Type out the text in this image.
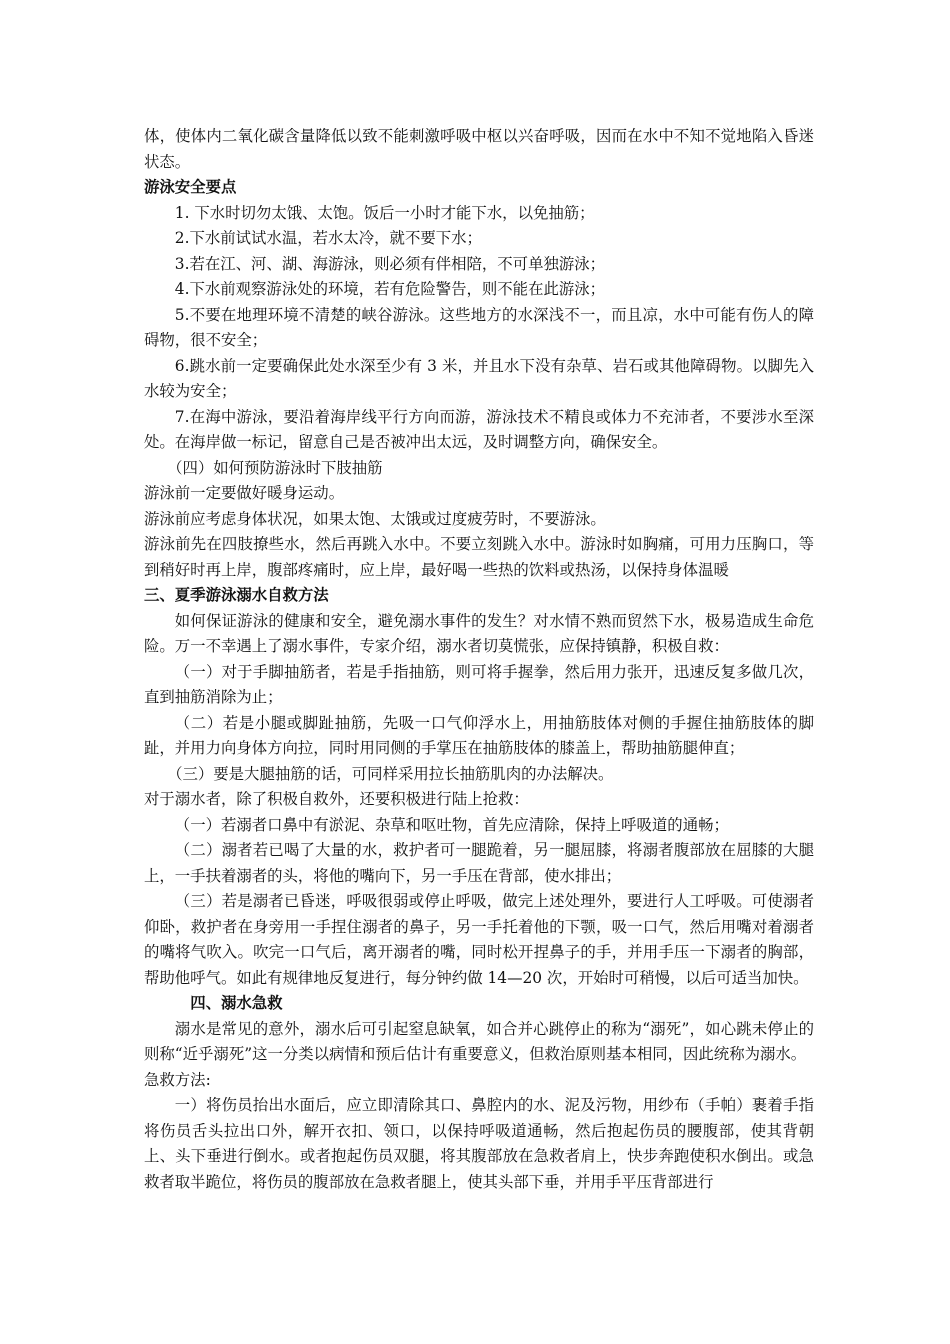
体，使体内二氧化碳含量降低以致不能刺激呼吸中枢以兴奋呼吸，因而在水中不知不觉地陷入昏迷状态。

游泳安全要点

1. 下水时切勿太饿、太饱。饭后一小时才能下水，以免抽筋；

2.下水前试试水温，若水太冷，就不要下水；

3.若在江、河、湖、海游泳，则必须有伴相陪，不可单独游泳；

4.下水前观察游泳处的环境，若有危险警告，则不能在此游泳；

5.不要在地理环境不清楚的峡谷游泳。这些地方的水深浅不一，而且凉，水中可能有伤人的障碍物，很不安全；

6.跳水前一定要确保此处水深至少有 3 米，并且水下没有杂草、岩石或其他障碍物。以脚先入水较为安全；

7.在海中游泳，要沿着海岸线平行方向而游，游泳技术不精良或体力不充沛者，不要涉水至深处。在海岸做一标记，留意自己是否被冲出太远，及时调整方向，确保安全。

（四）如何预防游泳时下肢抽筋

游泳前一定要做好暖身运动。

游泳前应考虑身体状况，如果太饱、太饿或过度疲劳时，不要游泳。

游泳前先在四肢撩些水，然后再跳入水中。不要立刻跳入水中。游泳时如胸痛，可用力压胸口，等到稍好时再上岸，腹部疼痛时，应上岸，最好喝一些热的饮料或热汤，以保持身体温暖

三、夏季游泳溺水自救方法

如何保证游泳的健康和安全，避免溺水事件的发生？对水情不熟而贸然下水，极易造成生命危险。万一不幸遇上了溺水事件，专家介绍，溺水者切莫慌张，应保持镇静，积极自救：

（一）对于手脚抽筋者，若是手指抽筋，则可将手握拳，然后用力张开，迅速反复多做几次，直到抽筋消除为止；

（二）若是小腿或脚趾抽筋，先吸一口气仰浮水上，用抽筋肢体对侧的手握住抽筋肢体的脚趾，并用力向身体方向拉，同时用同侧的手掌压在抽筋肢体的膝盖上，帮助抽筋腿伸直；

（三）要是大腿抽筋的话，可同样采用拉长抽筋肌肉的办法解决。

对于溺水者，除了积极自救外，还要积极进行陆上抢救：

（一）若溺者口鼻中有淤泥、杂草和呕吐物，首先应清除，保持上呼吸道的通畅；

（二）溺者若已喝了大量的水，救护者可一腿跪着，另一腿屈膝，将溺者腹部放在屈膝的大腿上，一手扶着溺者的头，将他的嘴向下，另一手压在背部，使水排出；

（三）若是溺者已昏迷，呼吸很弱或停止呼吸，做完上述处理外，要进行人工呼吸。可使溺者仰卧，救护者在身旁用一手捏住溺者的鼻子，另一手托着他的下颚，吸一口气，然后用嘴对着溺者的嘴将气吹入。吹完一口气后，离开溺者的嘴，同时松开捏鼻子的手，并用手压一下溺者的胸部，帮助他呼气。如此有规律地反复进行，每分钟约做 14—20 次，开始时可稍慢，以后可适当加快。

四、溺水急救

溺水是常见的意外，溺水后可引起窒息缺氧，如合并心跳停止的称为“溺死”，如心跳未停止的则称“近乎溺死”这一分类以病情和预后估计有重要意义，但救治原则基本相同，因此统称为溺水。

急救方法:

一）将伤员抬出水面后，应立即清除其口、鼻腔内的水、泥及污物，用纱布（手帕）裹着手指将伤员舌头拉出口外，解开衣扣、领口，以保持呼吸道通畅，然后抱起伤员的腰腹部，使其背朝上、头下垂进行倒水。或者抱起伤员双腿，将其腹部放在急救者肩上，快步奔跑使积水倒出。或急救者取半跪位，将伤员的腹部放在急救者腿上，使其头部下垂，并用手平压背部进行
